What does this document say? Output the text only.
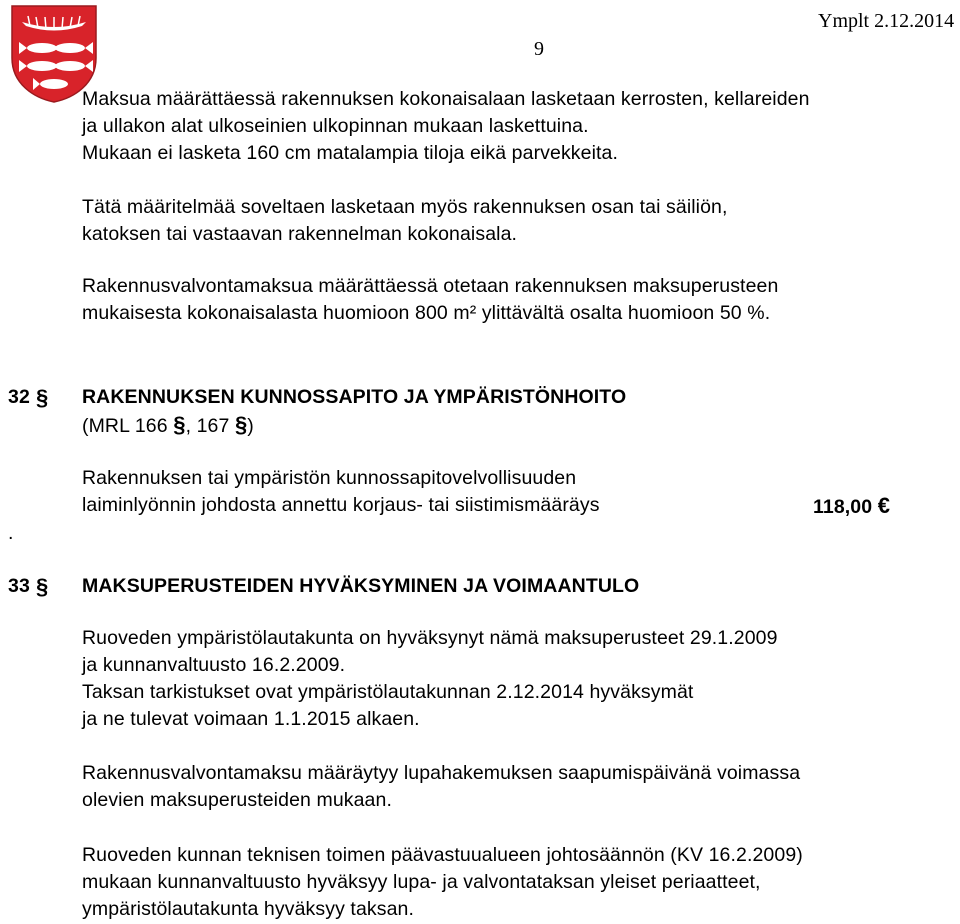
9
Ymplt 2.12.2014
Maksua määrättäessä rakennuksen kokonaisalaan lasketaan kerrosten, kellareiden
ja ullakon alat ulkoseinien ulkopinnan mukaan laskettuina.
Mukaan ei lasketa 160 cm matalampia tiloja eikä parvekkeita.
Tätä määritelmää soveltaen lasketaan myös rakennuksen osan tai säiliön,
katoksen tai vastaavan rakennelman kokonaisala.
Rakennusvalvontamaksua määrättäessä otetaan rakennuksen maksuperusteen
mukaisesta kokonaisalasta huomioon 800 m² ylittävältä osalta huomioon 50 %.
32 § RAKENNUKSEN KUNNOSSAPITO JA YMPÄRISTÖNHOITO
(MRL 166 §, 167 §)
Rakennuksen tai ympäristön kunnossapitovelvollisuuden
laiminlyönnin johdosta annettu korjaus- tai siistimismääräys	118,00 €
.
33 § MAKSUPERUSTEIDEN HYVÄKSYMINEN JA VOIMAANTULO
Ruoveden ympäristölautakunta on hyväksynyt nämä maksuperusteet 29.1.2009
ja kunnanvaltuusto 16.2.2009.
Taksan tarkistukset ovat ympäristölautakunnan 2.12.2014 hyväksymät
ja ne tulevat voimaan 1.1.2015 alkaen.
Rakennusvalvontamaksu määräytyy lupahakemuksen saapumispäivänä voimassa
olevien maksuperusteiden mukaan.
Ruoveden kunnan teknisen toimen päävastuualueen johtosäännön (KV 16.2.2009)
mukaan kunnanvaltuusto hyväksyy lupa- ja valvontataksan yleiset periaatteet,
ympäristölautakunta hyväksyy taksan.
